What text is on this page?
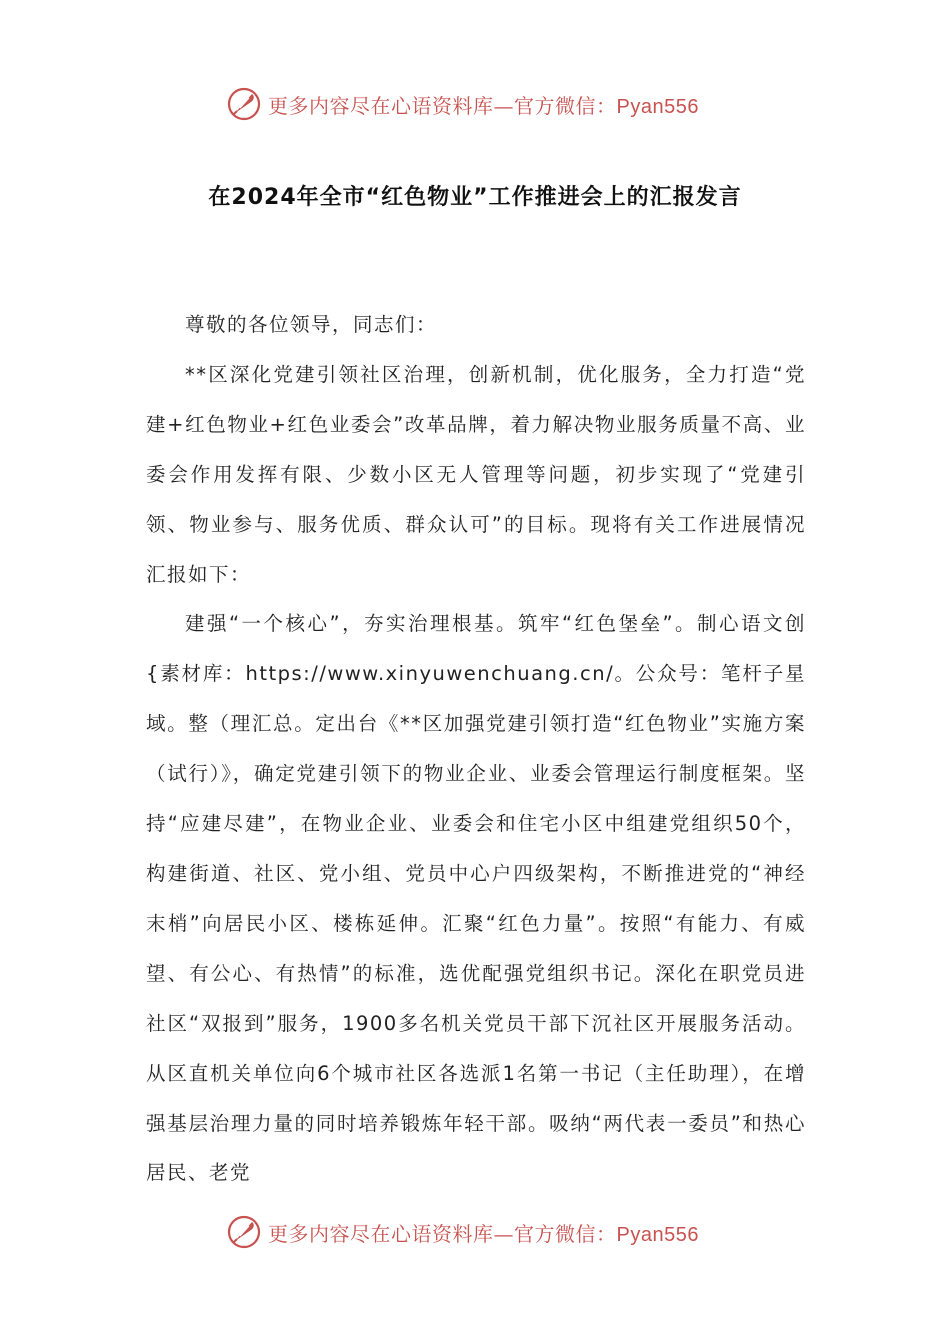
更多内容尽在心语资料库—官方微信：Pyan556
在2024年全市“红色物业”工作推进会上的汇报发言

尊敬的各位领导，同志们：

**区深化党建引领社区治理，创新机制，优化服务，全力打造“党建+红色物业+红色业委会”改革品牌，着力解决物业服务质量不高、业委会作用发挥有限、少数小区无人管理等问题，初步实现了“党建引领、物业参与、服务优质、群众认可”的目标。现将有关工作进展情况汇报如下：

建强“一个核心”，夯实治理根基。筑牢“红色堡垒”。制心语文创{素材库：https://www.xinyuwenchuang.cn/。公众号：笔杆子星域。整（理汇总。定出台《**区加强党建引领打造“红色物业”实施方案（试行）》，确定党建引领下的物业企业、业委会管理运行制度框架。坚持“应建尽建”，在物业企业、业委会和住宅小区中组建党组织50个，构建街道、社区、党小组、党员中心户四级架构，不断推进党的“神经末梢”向居民小区、楼栋延伸。汇聚“红色力量”。按照“有能力、有威望、有公心、有热情”的标准，选优配强党组织书记。深化在职党员进社区“双报到”服务，1900多名机关党员干部下沉社区开展服务活动。从区直机关单位向6个城市社区各选派1名第一书记（主任助理），在增强基层治理力量的同时培养锻炼年轻干部。吸纳“两代表一委员”和热心居民、老党

更多内容尽在心语资料库—官方微信：Pyan556
